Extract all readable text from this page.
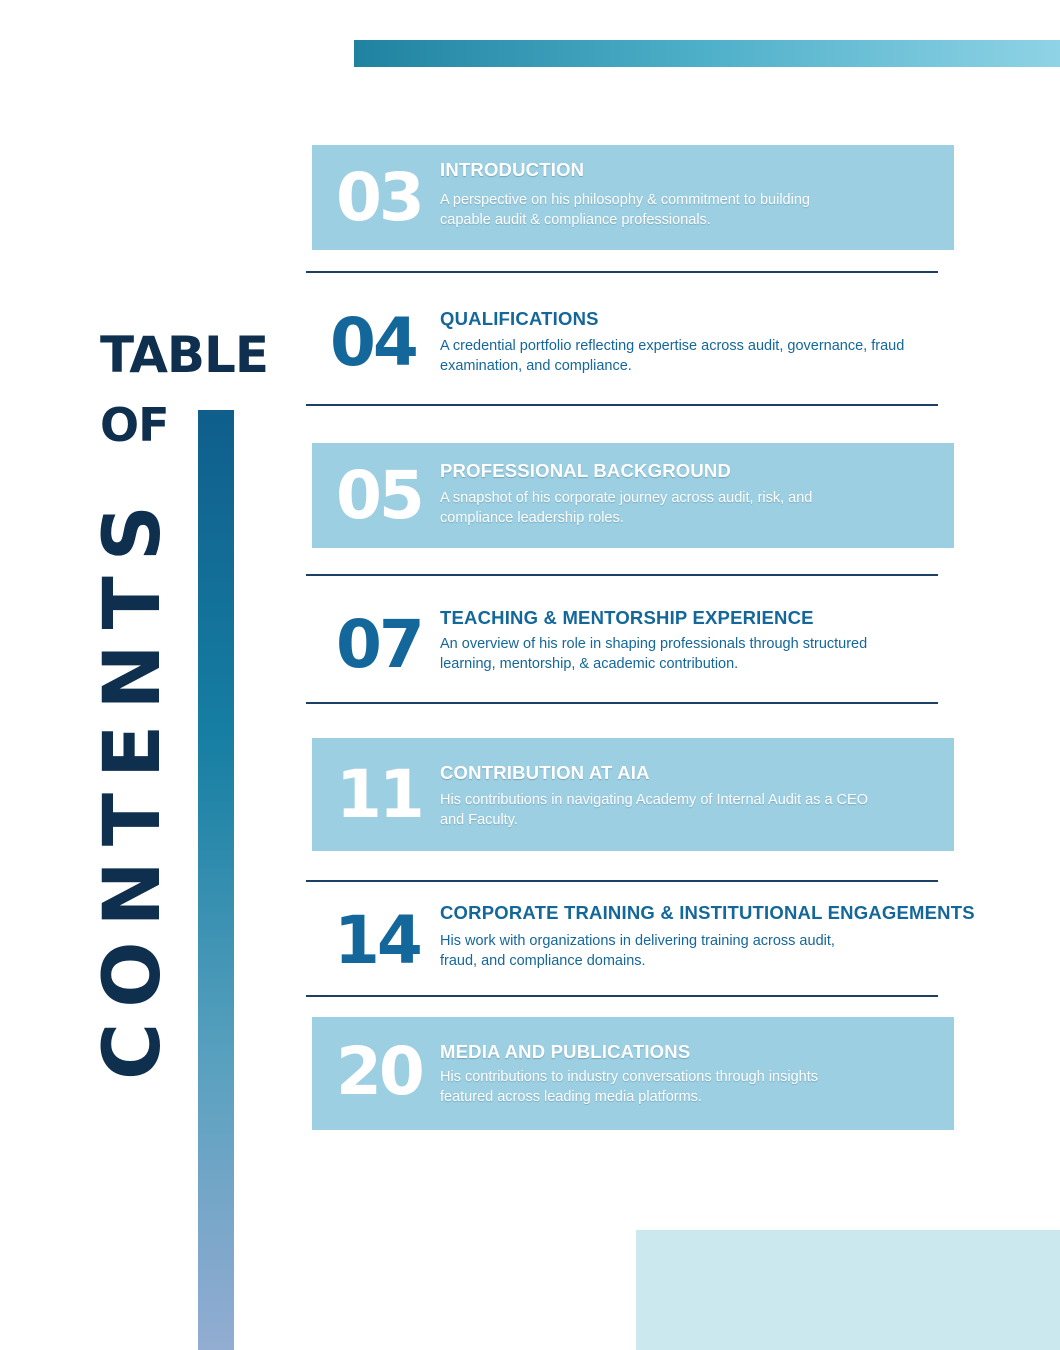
TABLE
OF
CONTENTS
03 INTRODUCTION
A perspective on his philosophy & commitment to building capable audit & compliance professionals.
04 QUALIFICATIONS
A credential portfolio reflecting expertise across audit, governance, fraud examination, and compliance.
05 PROFESSIONAL BACKGROUND
A snapshot of his corporate journey across audit, risk, and compliance leadership roles.
07 TEACHING & MENTORSHIP EXPERIENCE
An overview of his role in shaping professionals through structured learning, mentorship, & academic contribution.
11 CONTRIBUTION AT AIA
His contributions in navigating Academy of Internal Audit as a CEO and Faculty.
14 CORPORATE TRAINING & INSTITUTIONAL ENGAGEMENTS
His work with organizations in delivering training across audit, fraud, and compliance domains.
20 MEDIA AND PUBLICATIONS
His contributions to industry conversations through insights featured across leading media platforms.
